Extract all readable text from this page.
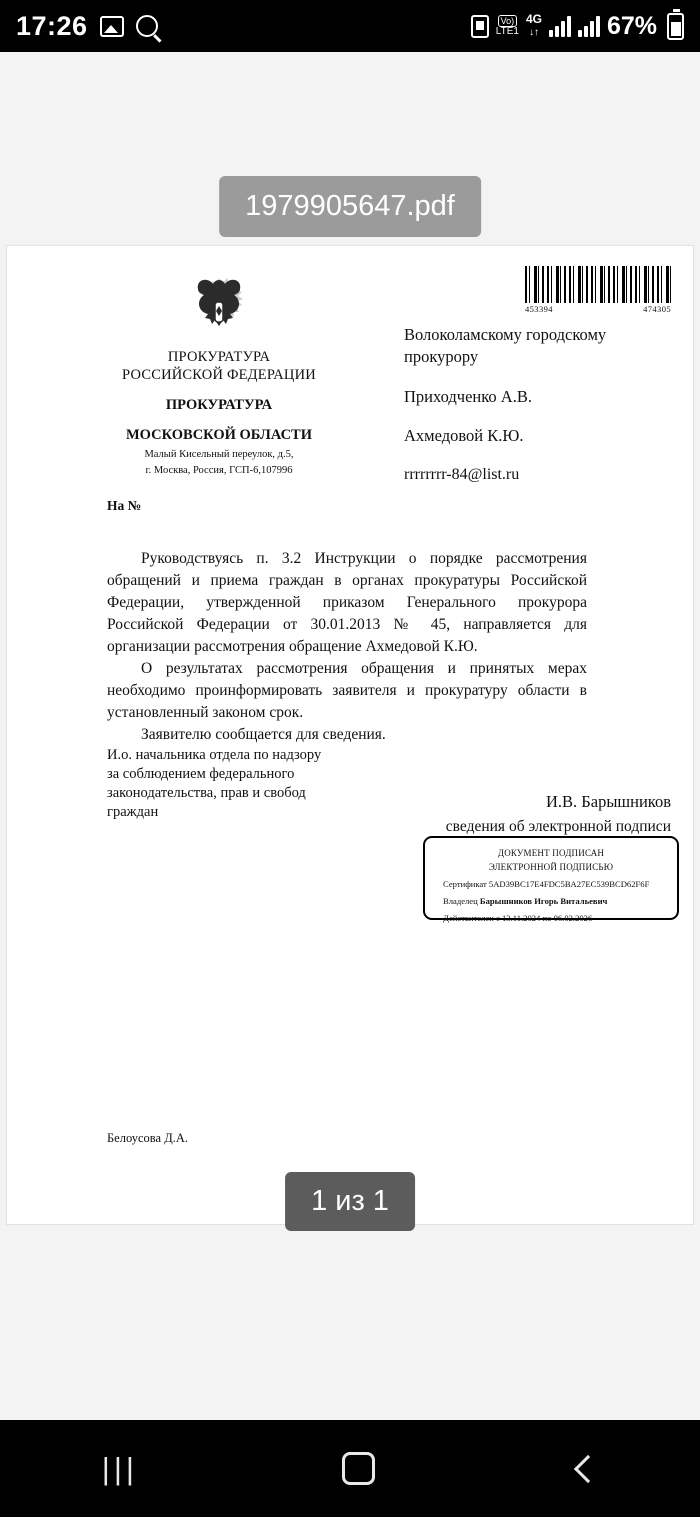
17:26	Vo)
LTE1
4G
↓↑	67%
1979905647.pdf
453394	474305
ПРОКУРАТУРА
РОССИЙСКОЙ ФЕДЕРАЦИИ
ПРОКУРАТУРА
МОСКОВСКОЙ ОБЛАСТИ
Малый Кисельный переулок, д.5,
г. Москва, Россия, ГСП-6,107996
Волоколамскому городскому прокурору
Приходченко А.В.
Ахмедовой К.Ю.
rrrrrrrr-84@list.ru
На №

Руководствуясь п. 3.2 Инструкции о порядке рассмотрения обращений и приема граждан в органах прокуратуры Российской Федерации, утвержденной приказом Генерального прокурора Российской Федерации от 30.01.2013 № 45, направляется для организации рассмотрения обращение Ахмедовой К.Ю.

О результатах рассмотрения обращения и принятых мерах необходимо проинформировать заявителя и прокуратуру области в установленный законом срок.

Заявителю сообщается для сведения.

И.о. начальника отдела по надзору
за соблюдением федерального
законодательства, прав и свобод
граждан
И.В. Барышников
сведения об электронной подписи
ДОКУМЕНТ ПОДПИСАН
ЭЛЕКТРОННОЙ ПОДПИСЬЮ
Сертификат 5AD39BC17E4FDC5BA27EC539BCD62F6F
Владелец Барышников Игорь Витальевич
Действителен с 13.11.2024 по 06.02.2026
Белоусова Д.А.
1 из 1
|||
